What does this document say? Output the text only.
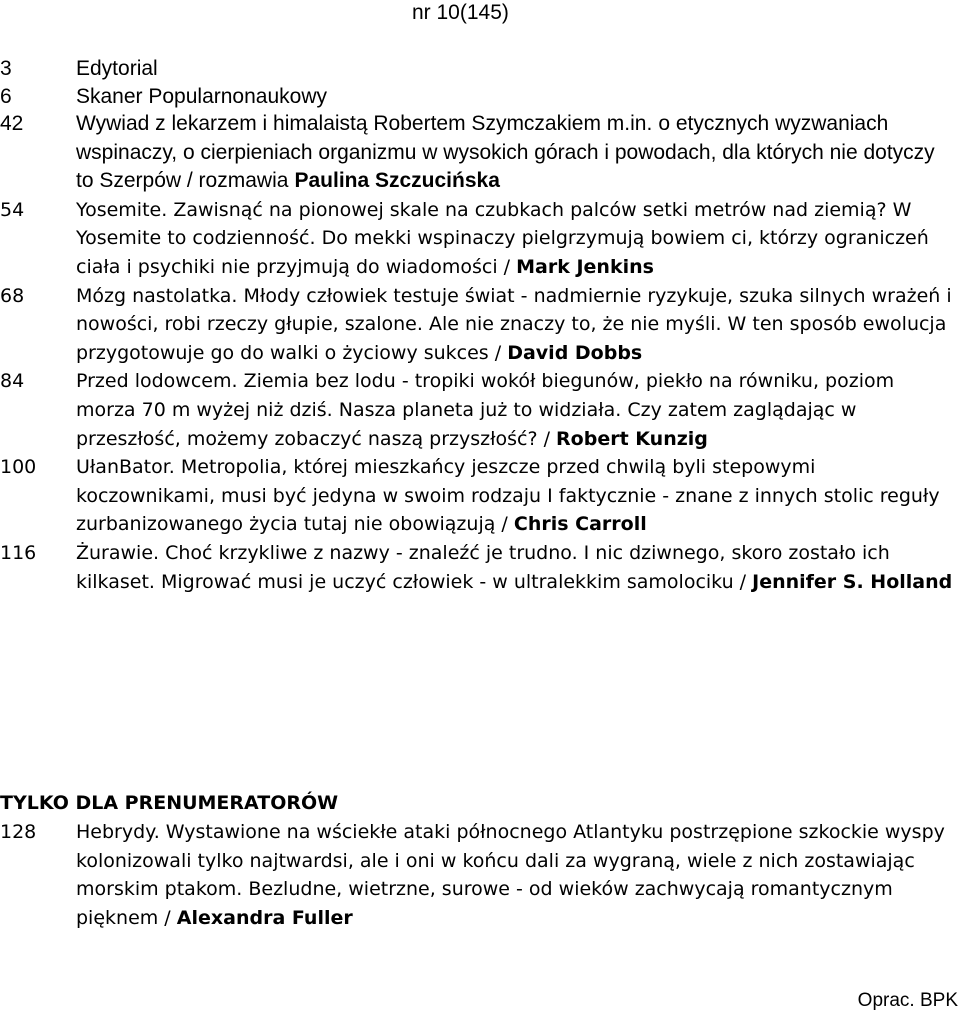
nr 10(145)
3	Edytorial
6	Skaner Popularnonaukowy
42	Wywiad z lekarzem i himalaistą Robertem Szymczakiem m.in. o etycznych wyzwaniach wspinaczy, o cierpieniach organizmu w wysokich górach i powodach, dla których nie dotyczy to Szerpów / rozmawia Paulina Szczucińska
54	Yosemite. Zawisnąć na pionowej skale na czubkach palców setki metrów nad ziemią? W Yosemite to codzienność. Do mekki wspinaczy pielgrzymują bowiem ci, którzy ograniczeń ciała i psychiki nie przyjmują do wiadomości / Mark Jenkins
68	Mózg nastolatka. Młody człowiek testuje świat - nadmiernie ryzykuje, szuka silnych wrażeń i nowości, robi rzeczy głupie, szalone. Ale nie znaczy to, że nie myśli. W ten sposób ewolucja przygotowuje go do walki o życiowy sukces / David Dobbs
84	Przed lodowcem. Ziemia bez lodu - tropiki wokół biegunów, piekło na równiku, poziom morza 70 m wyżej niż dziś. Nasza planeta już to widziała. Czy zatem zaglądając w przeszłość, możemy zobaczyć naszą przyszłość? / Robert Kunzig
100	UłanBator. Metropolia, której mieszkańcy jeszcze przed chwilą byli stepowymi koczownikami, musi być jedyna w swoim rodzaju I faktycznie - znane z innych stolic reguły zurbanizowanego życia tutaj nie obowiązują / Chris Carroll
116	Żurawie. Choć krzykliwe z nazwy - znaleźć je trudno. I nic dziwnego, skoro zostało ich kilkaset. Migrować musi je uczyć człowiek - w ultralekkim samolociku / Jennifer S. Holland
TYLKO DLA PRENUMERATORÓW
128	Hebrydy. Wystawione na wściekłe ataki północnego Atlantyku postrzępione szkockie wyspy kolonizowali tylko najtwardsi, ale i oni w końcu dali za wygraną, wiele z nich zostawiając morskim ptakom. Bezludne, wietrzne, surowe - od wieków zachwycają romantycznym pięknem / Alexandra Fuller
Oprac. BPK
